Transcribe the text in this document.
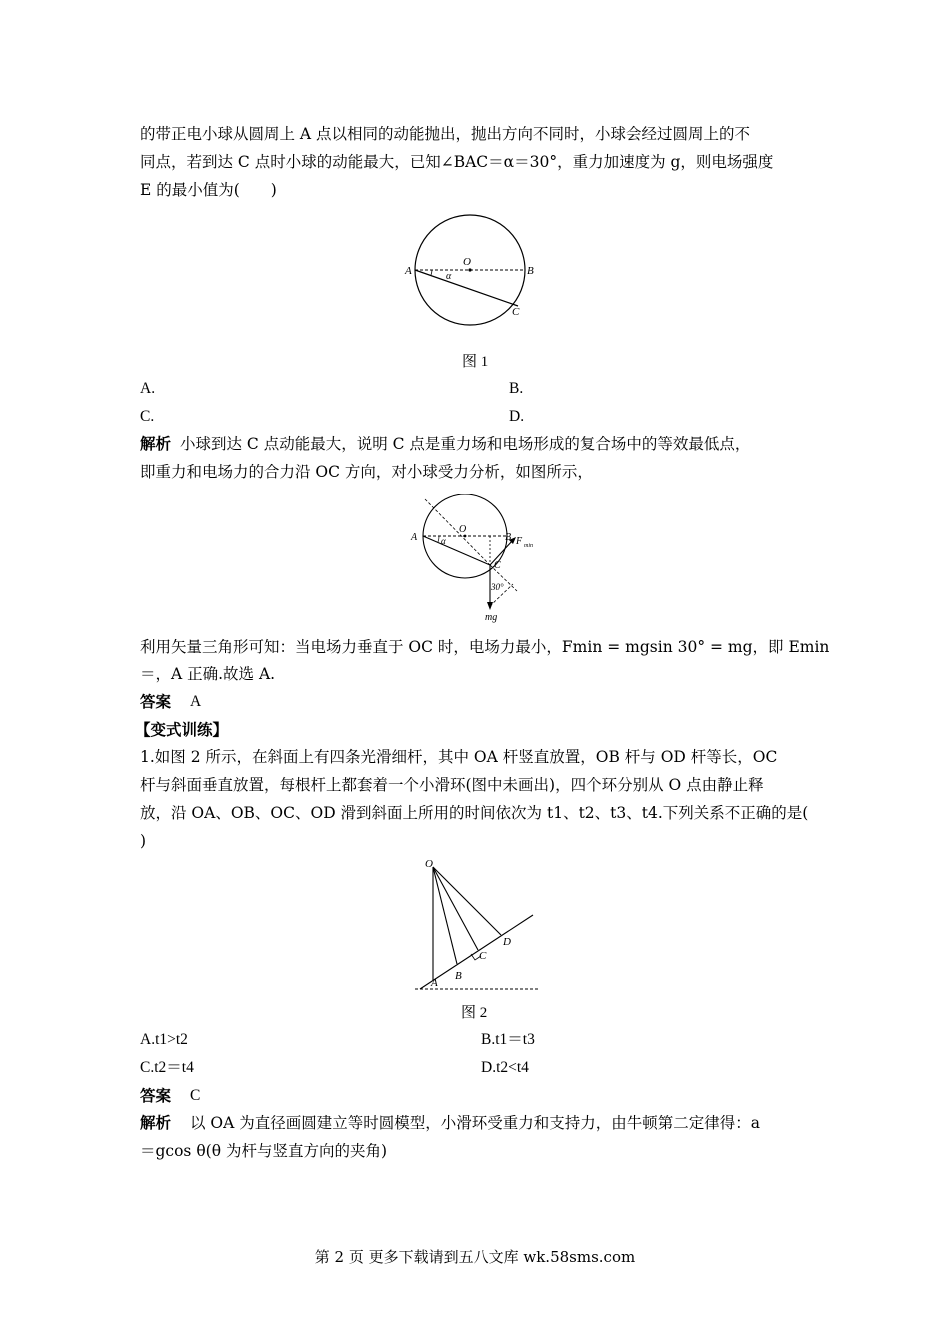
的带正电小球从圆周上 A 点以相同的动能抛出，抛出方向不同时，小球会经过圆周上的不
同点，若到达 C 点时小球的动能最大，已知∠BAC＝α＝30°，重力加速度为 g，则电场强度
E 的最小值为(　　)
A
O
B
C
α
图 1
A.	B.
C.	D.
解析 小球到达 C 点动能最大，说明 C 点是重力场和电场形成的复合场中的等效最低点，
即重力和电场力的合力沿 OC 方向，对小球受力分析，如图所示，
A
O
B F min
C
α
30°
mg
利用矢量三角形可知：当电场力垂直于 OC 时，电场力最小，Fmin = mgsin 30° = mg，即 Emin
＝，A 正确.故选 A.
答案 A
【变式训练】
1.如图 2 所示，在斜面上有四条光滑细杆，其中 OA 杆竖直放置，OB 杆与 OD 杆等长，OC
杆与斜面垂直放置，每根杆上都套着一个小滑环(图中未画出)，四个环分别从 O 点由静止释
放，沿 OA、OB、OC、OD 滑到斜面上所用的时间依次为 t1、t2、t3、t4.下列关系不正确的是(
)
O
A
B
C
D
图 2
A.t1>t2	B.t1＝t3
C.t2＝t4	D.t2<t4
答案 C
解析 以 OA 为直径画圆建立等时圆模型，小滑环受重力和支持力，由牛顿第二定律得：a
＝gcos θ(θ 为杆与竖直方向的夹角)
第 2 页 更多下载请到五八文库 wk.58sms.com
